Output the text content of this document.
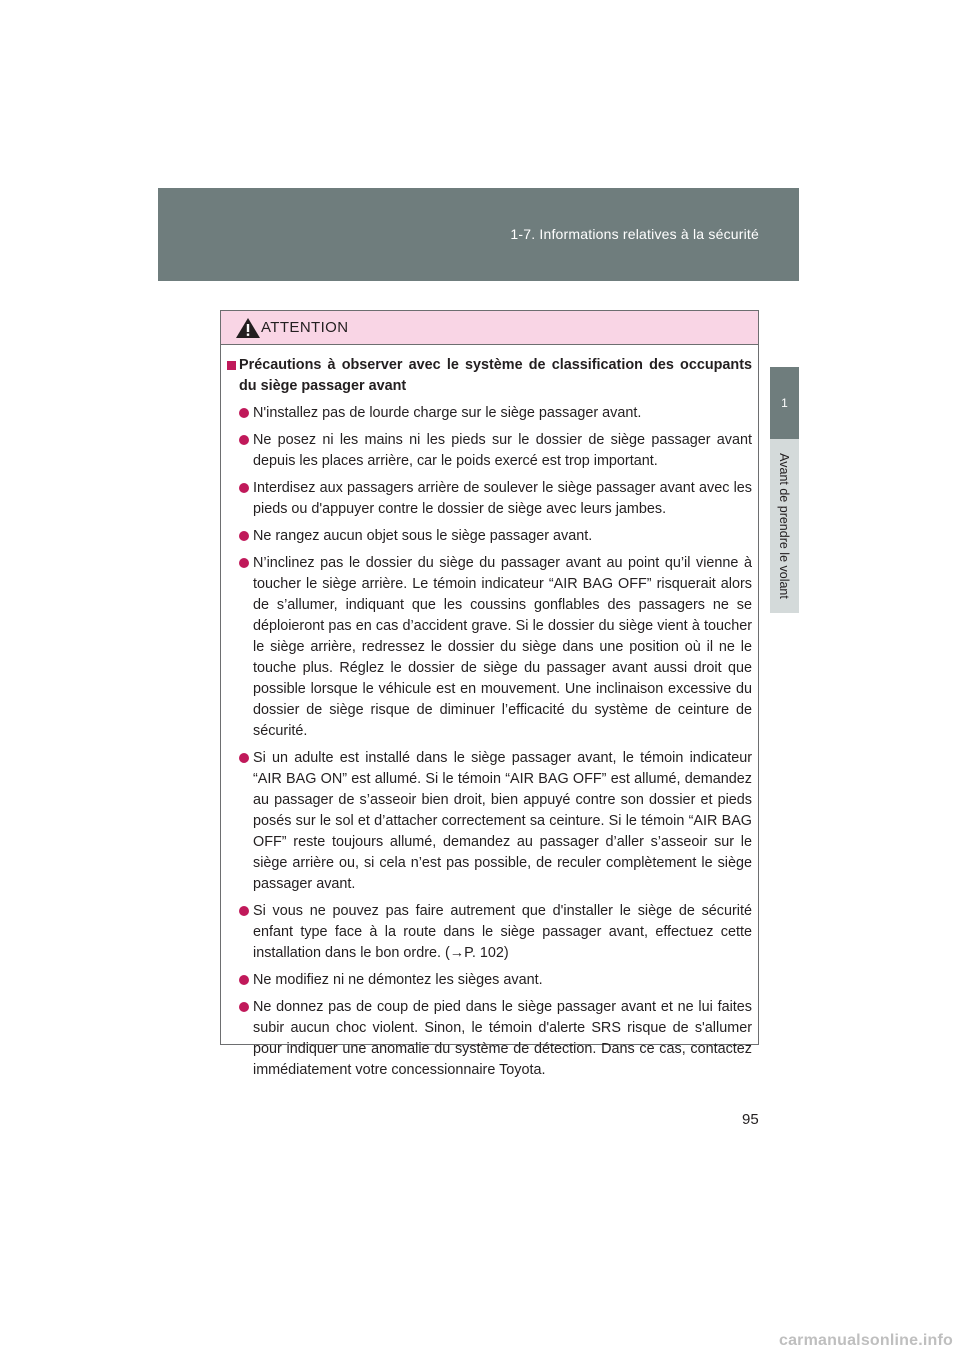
1-7. Informations relatives à la sécurité
1
Avant de prendre le volant
ATTENTION
Précautions à observer avec le système de classification des occupants du siège passager avant
N'installez pas de lourde charge sur le siège passager avant.
Ne posez ni les mains ni les pieds sur le dossier de siège passager avant depuis les places arrière, car le poids exercé est trop important.
Interdisez aux passagers arrière de soulever le siège passager avant avec les pieds ou d'appuyer contre le dossier de siège avec leurs jambes.
Ne rangez aucun objet sous le siège passager avant.
N’inclinez pas le dossier du siège du passager avant au point qu’il vienne à toucher le siège arrière. Le témoin indicateur “AIR BAG OFF” risquerait alors de s’allumer, indiquant que les coussins gonflables des passagers ne se déploieront pas en cas d’accident grave. Si le dossier du siège vient à toucher le siège arrière, redressez le dossier du siège dans une position où il ne le touche plus. Réglez le dossier de siège du passager avant aussi droit que possible lorsque le véhicule est en mouvement. Une inclinaison excessive du dossier de siège risque de diminuer l’efficacité du système de ceinture de sécurité.
Si un adulte est installé dans le siège passager avant, le témoin indicateur “AIR BAG ON” est allumé. Si le témoin “AIR BAG OFF” est allumé, demandez au passager de s’asseoir bien droit, bien appuyé contre son dossier et pieds posés sur le sol et d’attacher correctement sa ceinture. Si le témoin “AIR BAG OFF” reste toujours allumé, demandez au passager d’aller s’asseoir sur le siège arrière ou, si cela n’est pas possible, de reculer complètement le siège passager avant.
Si vous ne pouvez pas faire autrement que d'installer le siège de sécurité enfant type face à la route dans le siège passager avant, effectuez cette installation dans le bon ordre. (→P. 102)
Ne modifiez ni ne démontez les sièges avant.
Ne donnez pas de coup de pied dans le siège passager avant et ne lui faites subir aucun choc violent. Sinon, le témoin d'alerte SRS risque de s'allumer pour indiquer une anomalie du système de détection. Dans ce cas, contactez immédiatement votre concessionnaire Toyota.
95
carmanualsonline.info
